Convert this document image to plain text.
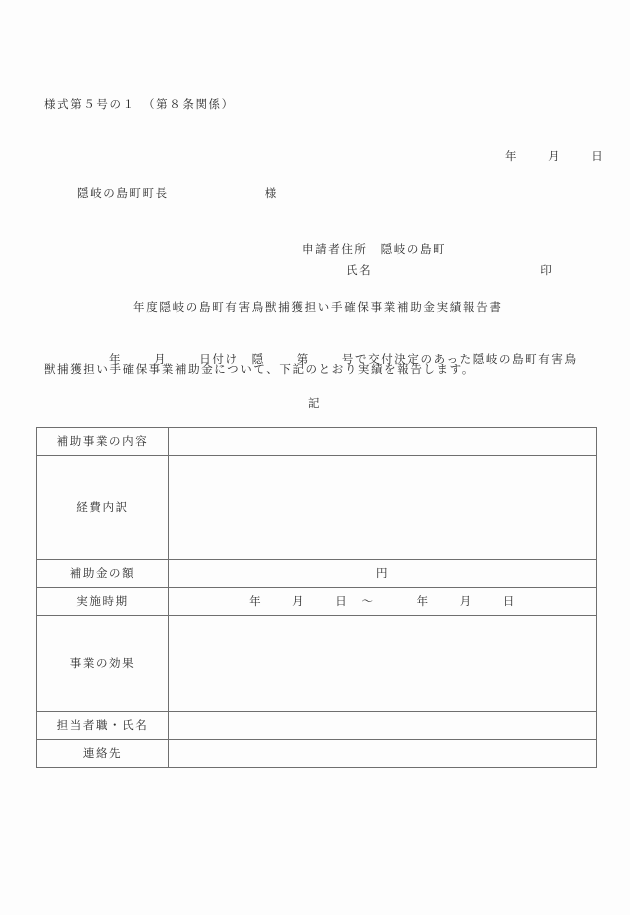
様式第５号の１　（第８条関係）

年	月	日

隠岐の島町町長	様

申請者住所　 隠岐の島町

氏名	印

年度隠岐の島町有害鳥獣捕獲担い手確保事業補助金実績報告書

年	月	日付け　 隠	第	号で交付決定のあった隠岐の島町有害鳥

獣捕獲担い手確保事業補助金について、下記のとおり実績を報告します。
記
補助事業の内容	
経費内訳	
補助金の額	円
実施時期	年 月 日　 ～ 年 月 日
事業の効果	
担当者職・氏名	
連絡先	
